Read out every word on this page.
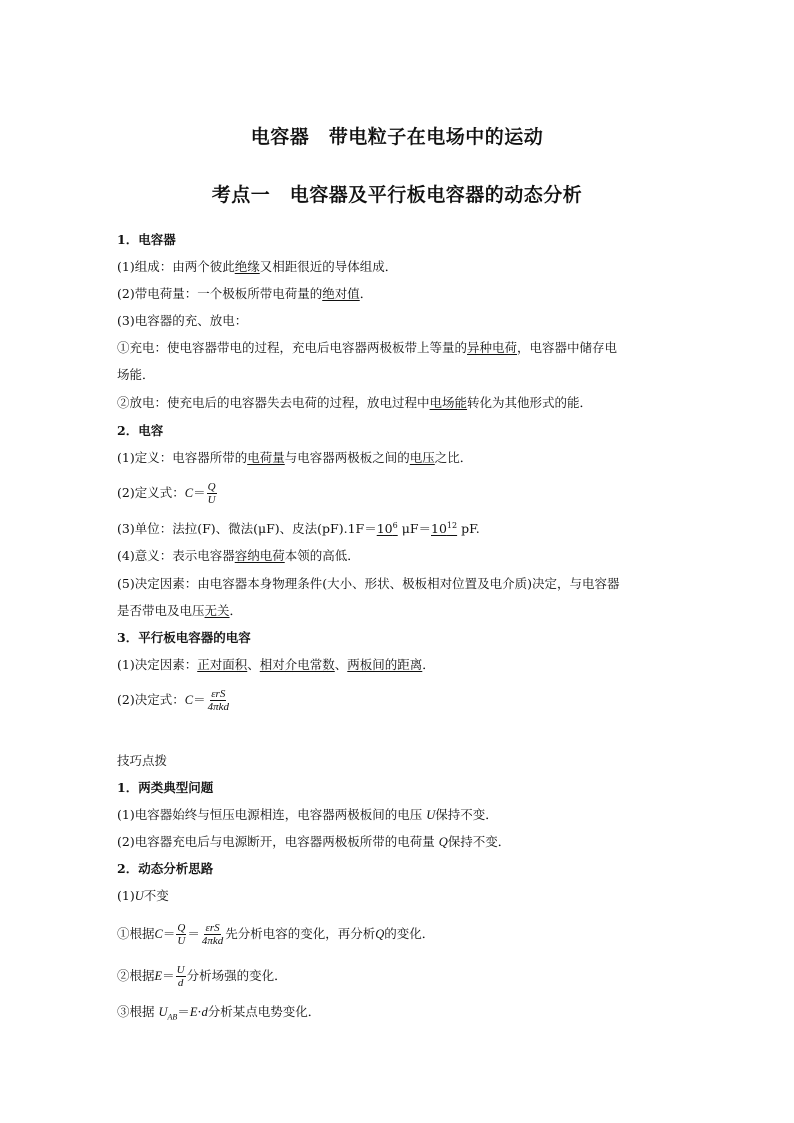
电容器　带电粒子在电场中的运动
考点一　电容器及平行板电容器的动态分析
1．电容器
(1)组成：由两个彼此绝缘又相距很近的导体组成．
(2)带电荷量：一个极板所带电荷量的绝对值．
(3)电容器的充、放电：
①充电：使电容器带电的过程，充电后电容器两极板带上等量的异种电荷，电容器中储存电
场能．
②放电：使充电后的电容器失去电荷的过程，放电过程中电场能转化为其他形式的能．
2．电容
(1)定义：电容器所带的电荷量与电容器两极板之间的电压之比．
(2)定义式： $C = \frac{Q}{U}$
(3)单位：法拉(F)、微法(μF)、皮法$(pF).1F=10^6$ $\mu F=10^{12}$ pF.
(4)意义：表示电容器容纳电荷本领的高低．
(5)决定因素：由电容器本身物理条件(大小、形状、极板相对位置及电介质)决定，与电容器
是否带电及电压无关．
3．平行板电容器的电容
(1)决定因素：正对面积、相对介电常数、两板间的距离．
(2)决定式： $C = \frac{\text{εrS}}{\text{4πkd}}$
技巧点拨
1．两类典型问题
(1)电容器始终与恒压电源相连，电容器两极板间的电压 U保持不变．
(2)电容器充电后与电源断开，电容器两极板所带的电荷量 Q保持不变．
2．动态分析思路
(1)U不变
①根据 $C = \frac{Q}{U} = \frac{\text{εrS}}{\text{4πkd}}$ 先分析电容的变化，再分析 Q 的变化．
②根据 $E = \frac{U}{d}$ 分析场强的变化．
③根据 $U_{AB}=E\cdot d$分析某点电势变化．
